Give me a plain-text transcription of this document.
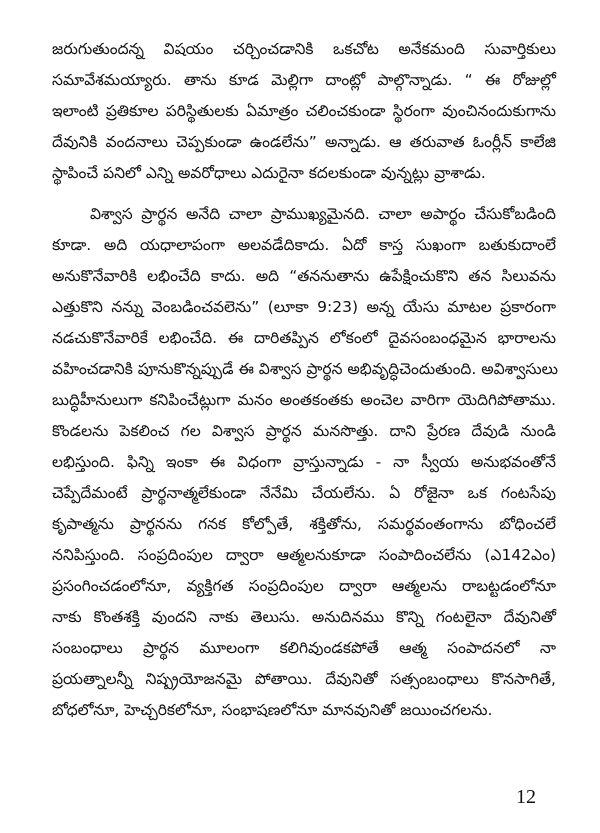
జరుగుతుందన్న విషయం చర్చించడానికి ఒకచోట అనేకమంది సువార్తికులు
సమావేశమయ్యారు. తాను కూడ మెల్లిగా దాంట్లో పాల్గొన్నాడు. “ ఈ రోజుల్లో
ఇలాంటి ప్రతికూల పరిస్థితులకు ఏమాత్రం చలించకుండా స్థిరంగా వుంచినందుకుగాను
దేవునికి వందనాలు చెప్పకుండా ఉండలేను” అన్నాడు. ఆ తరువాత ఓంర్లీన్ కాలేజి
స్థాపించే పనిలో ఎన్ని అవరోధాలు ఎదురైనా కదలకుండా వున్నట్లు వ్రాశాడు.
విశ్వాస ప్రార్థన అనేది చాలా ప్రాముఖ్యమైనది. చాలా అపార్థం చేసుకోబడింది
కూడా. అది యధాలాపంగా అలవడేదికాదు. ఏదో కాస్త సుఖంగా బతుకుదాంలే
అనుకొనేవారికి లభించేది కాదు. అది “తననుతాను ఉపేక్షించుకొని తన సిలువను
ఎత్తుకొని నన్ను వెంబడించవలెను” (లూకా 9:23) అన్న యేసు మాటల ప్రకారంగా
నడచుకొనేవారికే లభించేది. ఈ దారితప్పిన లోకంలో దైవసంబంధమైన భారాలను
వహించడానికి పూనుకొన్నప్పుడే ఈ విశ్వాస ప్రార్థన అభివృద్ధిచెందుతుంది. అవిశ్వాసులు
బుద్ధిహీనులుగా కనిపించేట్లుగా మనం అంతకంతకు అంచెల వారిగా యెదిగిపోతాము.
కొండలను పెకలించ గల విశ్వాస ప్రార్థన మనసొత్తు. దాని ప్రేరణ దేవుడి నుండి
లభిస్తుంది. ఫిన్ని ఇంకా ఈ విధంగా వ్రాస్తున్నాడు - నా స్వీయ అనుభవంతోనే
చెప్పేదేమంటే ప్రార్థనాత్మలేకుండా నేనేమి చేయలేను. ఏ రోజైనా ఒక గంటసేపు
కృపాత్మను ప్రార్థనను గనక కోల్పోతే, శక్తితోను, సమర్థవంతంగాను బోధించలే
ననిపిస్తుంది. సంప్రదింపుల ద్వారా ఆత్మలనుకూడా సంపాదించలేను (ఎ142ఎం)
ప్రసంగించడంలోనూ, వ్యక్తిగత సంప్రదింపుల ద్వారా ఆత్మలను రాబట్టడంలోనూ
నాకు కొంతశక్తి వుందని నాకు తెలుసు. అనుదినము కొన్ని గంటలైనా దేవునితో
సంబంధాలు ప్రార్థన మూలంగా కలిగివుండకపోతే ఆత్మ సంపాదనలో నా
ప్రయత్నాలన్నీ నిష్ప్రయోజనమై పోతాయి. దేవునితో సత్సంబంధాలు కొనసాగితే,
బోధలోనూ, హెచ్చరికలోనూ, సంభాషణలోనూ మానవునితో జయించగలను.
12
